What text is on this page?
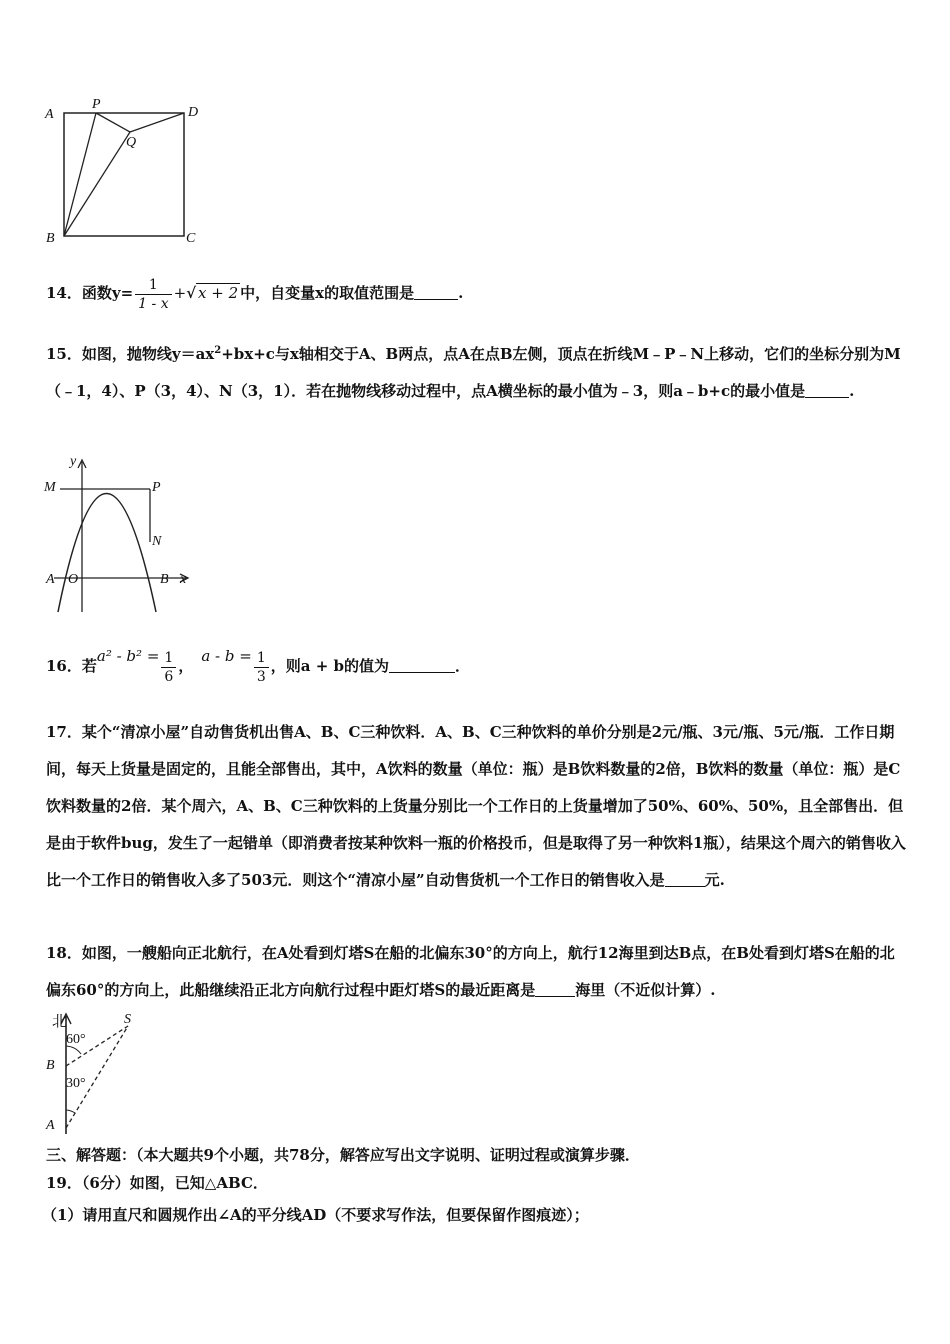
A
P
D
Q
B	C
14．函数$y= \frac{1}{1 - x}$ +√ x + 2 中，自变量x的取值范围是	.
15．如图，抛物线$y=ax^2+bx+c$与x轴相交于A、B两点，点A在点B左侧，顶点在折线M﹣P﹣N上移动，它们的坐标分别为M（﹣1，4）、P（3，4）、N（3，1）．若在抛物线移动过程中，点A横坐标的最小值为﹣3，则a﹣b+c的最小值是	.
y
M	P
N
A O	B x
16．若$a^2 - b^2 = \frac{1}{6}$ ，$a - b = \frac{1}{3}$ ，则a + b的值为	．
17．某个“清凉小屋”自动售货机出售A、B、C三种饮料．A、B、C三种饮料的单价分别是2元/瓶、3元/瓶、5元/瓶．工作日期间，每天上货量是固定的，且能全部售出，其中，A饮料的数量（单位：瓶）是B饮料数量的2倍，B饮料的数量（单位：瓶）是C饮料数量的2倍．某个周六，A、B、C三种饮料的上货量分别比一个工作日的上货量增加了50%、60%、50%，且全部售出．但是由于软件bug，发生了一起错单（即消费者按某种饮料一瓶的价格投币，但是取得了另一种饮料1瓶），结果这个周六的销售收入比一个工作日的销售收入多了503元．则这个“清凉小屋”自动售货机一个工作日的销售收入是	元.
18．如图，一艘船向正北航行，在A处看到灯塔S在船的北偏东30°的方向上，航行12海里到达B点，在B处看到灯塔S在船的北偏东60°的方向上，此船继续沿正北方向航行过程中距灯塔S的最近距离是	海里（不近似计算）.
北	S
60°
B
30°
A
三、解答题：（本大题共9个小题，共78分，解答应写出文字说明、证明过程或演算步骤．
19．（6分）如图，已知△ABC．
（1）请用直尺和圆规作出∠A的平分线AD（不要求写作法，但要保留作图痕迹）；
